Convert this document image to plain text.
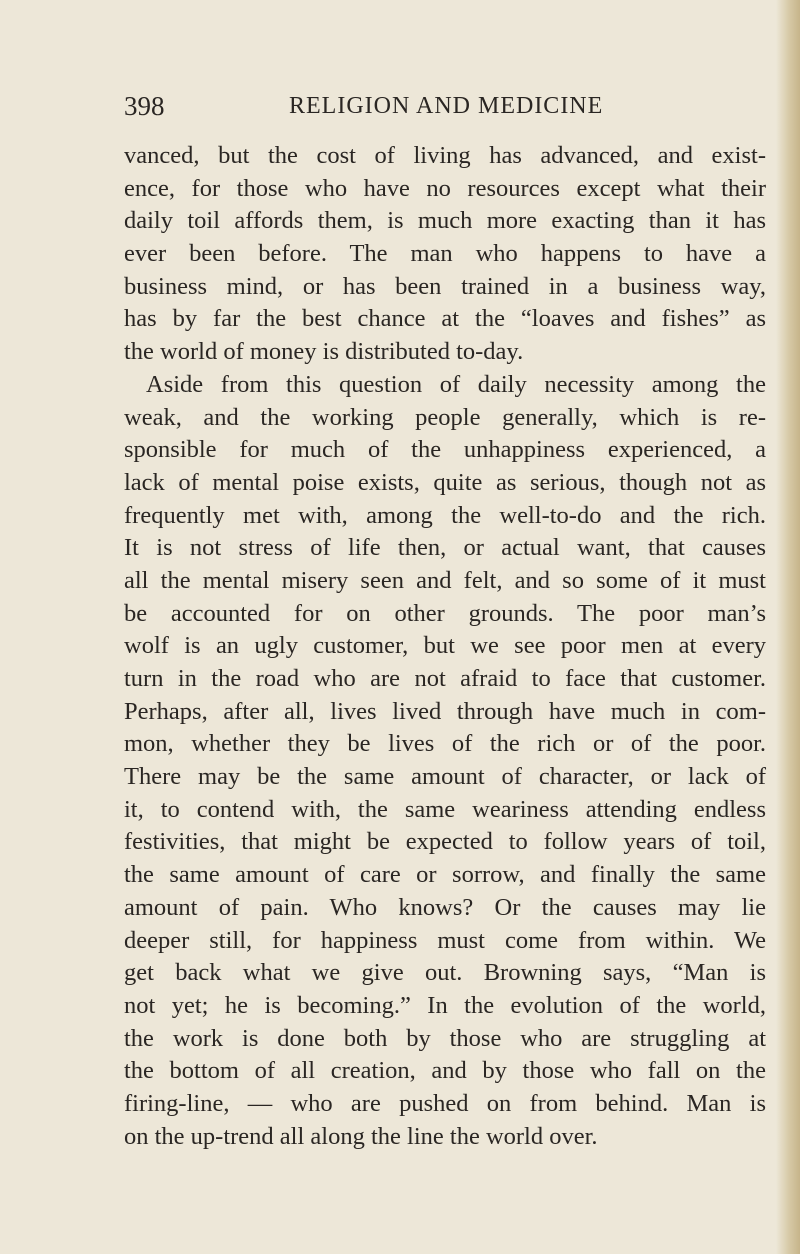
398	RELIGION AND MEDICINE
vanced, but the cost of living has advanced, and exist-
ence, for those who have no resources except what their
daily toil affords them, is much more exacting than it has
ever been before. The man who happens to have a
business mind, or has been trained in a business way,
has by far the best chance at the “loaves and fishes” as
the world of money is distributed to-day.
Aside from this question of daily necessity among the
weak, and the working people generally, which is re-
sponsible for much of the unhappiness experienced, a
lack of mental poise exists, quite as serious, though not as
frequently met with, among the well-to-do and the rich.
It is not stress of life then, or actual want, that causes
all the mental misery seen and felt, and so some of it must
be accounted for on other grounds. The poor man’s
wolf is an ugly customer, but we see poor men at every
turn in the road who are not afraid to face that customer.
Perhaps, after all, lives lived through have much in com-
mon, whether they be lives of the rich or of the poor.
There may be the same amount of character, or lack of
it, to contend with, the same weariness attending endless
festivities, that might be expected to follow years of toil,
the same amount of care or sorrow, and finally the same
amount of pain. Who knows? Or the causes may lie
deeper still, for happiness must come from within. We
get back what we give out. Browning says, “Man is
not yet; he is becoming.” In the evolution of the world,
the work is done both by those who are struggling at
the bottom of all creation, and by those who fall on the
firing-line, — who are pushed on from behind. Man is
on the up-trend all along the line the world over.
